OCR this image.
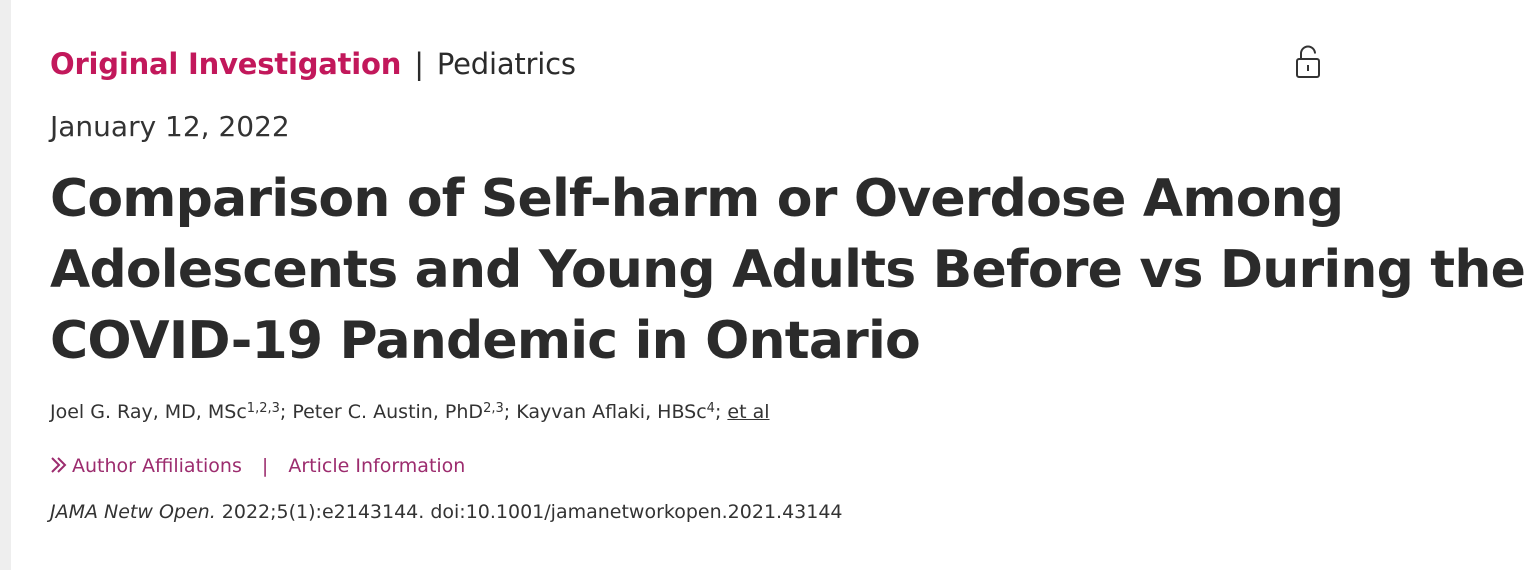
Original Investigation | Pediatrics
January 12, 2022
Comparison of Self-harm or Overdose Among
Adolescents and Young Adults Before vs During the
COVID-19 Pandemic in Ontario
Joel G. Ray, MD, MSc$^{1,2,3}$; Peter C. Austin, PhD$^{2,3}$; Kayvan Aflaki, HBSc$^4$; et al
Author Affiliations | Article Information
JAMA Netw Open. 2022;5(1):e2143144. doi:10.1001/jamanetworkopen.2021.43144
